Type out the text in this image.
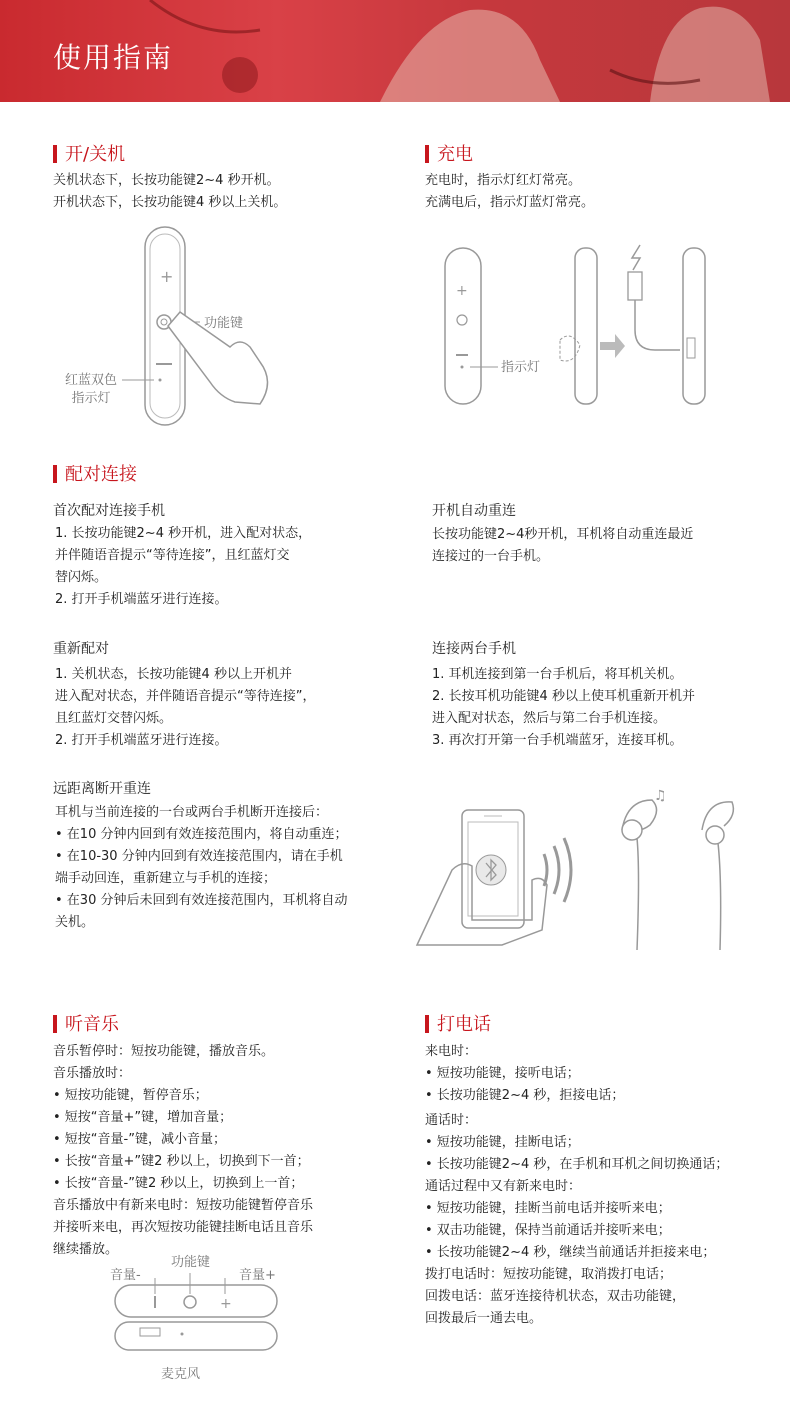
使用指南
开/关机
关机状态下，长按功能键2~4 秒开机。
开机状态下，长按功能键4 秒以上关机。
+
功能键
红蓝双色
指示灯
充电
充电时，指示灯红灯常亮。
充满电后，指示灯蓝灯常亮。
+
指示灯
配对连接
首次配对连接手机
1. 长按功能键2~4 秒开机，进入配对状态，
并伴随语音提示“等待连接”，且红蓝灯交
替闪烁。
2. 打开手机端蓝牙进行连接。
开机自动重连
长按功能键2~4秒开机，耳机将自动重连最近
连接过的一台手机。
重新配对
1. 关机状态，长按功能键4 秒以上开机并
进入配对状态，并伴随语音提示“等待连接”，
且红蓝灯交替闪烁。
2. 打开手机端蓝牙进行连接。
连接两台手机
1. 耳机连接到第一台手机后，将耳机关机。
2. 长按耳机功能键4 秒以上使耳机重新开机并
进入配对状态，然后与第二台手机连接。
3. 再次打开第一台手机端蓝牙，连接耳机。
远距离断开重连
耳机与当前连接的一台或两台手机断开连接后：
• 在10 分钟内回到有效连接范围内，将自动重连；
• 在10-30 分钟内回到有效连接范围内，请在手机
端手动回连，重新建立与手机的连接；
• 在30 分钟后未回到有效连接范围内，耳机将自动
关机。
♫
听音乐
音乐暂停时：短按功能键，播放音乐。
音乐播放时：
• 短按功能键，暂停音乐；
• 短按“音量+”键，增加音量；
• 短按“音量-”键，减小音量；
• 长按“音量+”键2 秒以上，切换到下一首；
• 长按“音量-”键2 秒以上，切换到上一首；
音乐播放中有新来电时：短按功能键暂停音乐
并接听来电，再次短按功能键挂断电话且音乐
继续播放。
+
功能键
音量-	音量+
麦克风
打电话
来电时：
• 短按功能键，接听电话；
• 长按功能键2~4 秒，拒接电话；
通话时：
• 短按功能键，挂断电话；
• 长按功能键2~4 秒，在手机和耳机之间切换通话；
通话过程中又有新来电时：
• 短按功能键，挂断当前电话并接听来电；
• 双击功能键，保持当前通话并接听来电；
• 长按功能键2~4 秒，继续当前通话并拒接来电；
拨打电话时：短按功能键，取消拨打电话；
回拨电话：蓝牙连接待机状态，双击功能键，
回拨最后一通去电。
